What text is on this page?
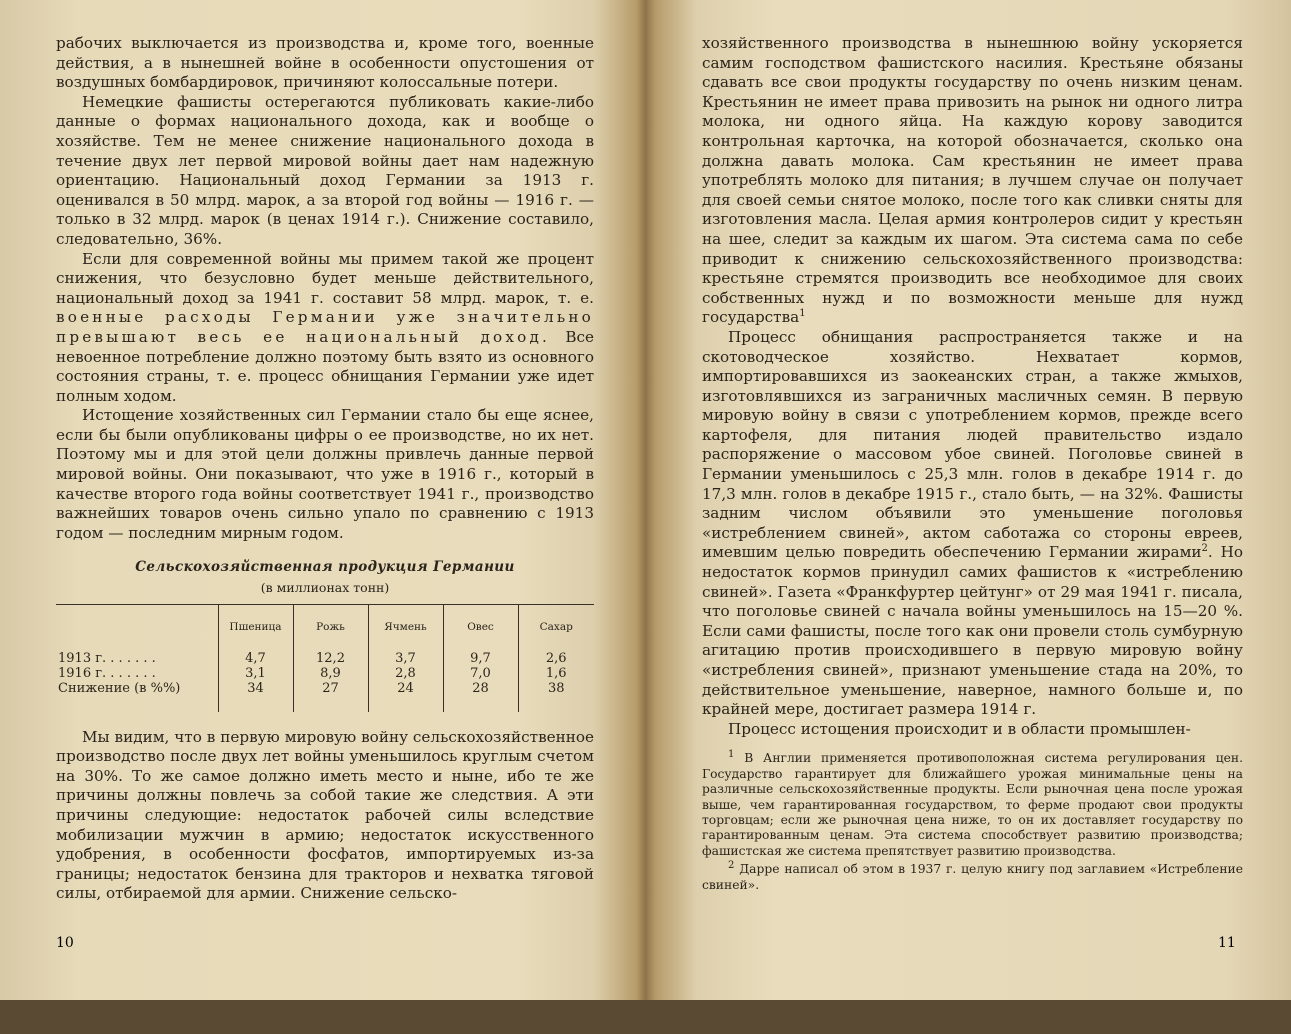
рабочих выключается из производства и, кроме того, военные действия, а в нынешней войне в особенности опустошения от воздушных бомбардировок, причиняют колоссальные потери.

Немецкие фашисты остерегаются публиковать какие-либо данные о формах национального дохода, как и вообще о хозяйстве. Тем не менее снижение национального дохода в течение двух лет первой мировой войны дает нам надежную ориентацию. Национальный доход Германии за 1913 г. оценивался в 50 млрд. марок, а за второй год войны — 1916 г. — только в 32 млрд. марок (в ценах 1914 г.). Снижение составило, следовательно, 36%.

Если для современной войны мы примем такой же процент снижения, что безусловно будет меньше действительного, национальный доход за 1941 г. составит 58 млрд. марок, т. е. военные расходы Германии уже значительно превышают весь ее национальный доход. Все невоенное потребление должно поэтому быть взято из основного состояния страны, т. е. процесс обнищания Германии уже идет полным ходом.

Истощение хозяйственных сил Германии стало бы еще яснее, если бы были опубликованы цифры о ее производстве, но их нет. Поэтому мы и для этой цели должны привлечь данные первой мировой войны. Они показывают, что уже в 1916 г., который в качестве второго года войны соответствует 1941 г., производство важнейших товаров очень сильно упало по сравнению с 1913 годом — последним мирным годом.

Сельскохозяйственная продукция Германии
(в миллионах тонн)
	Пшеница	Рожь	Ячмень	Овес	Сахар
1913 г. . . . . . .	4,7	12,2	3,7	9,7	2,6
1916 г. . . . . . .	3,1	8,9	2,8	7,0	1,6
Снижение (в %%)	34	27	24	28	38

Мы видим, что в первую мировую войну сельскохозяйственное производство после двух лет войны уменьшилось круглым счетом на 30%. То же самое должно иметь место и ныне, ибо те же причины должны повлечь за собой такие же следствия. А эти причины следующие: недостаток рабочей силы вследствие мобилизации мужчин в армию; недостаток искусственного удобрения, в особенности фосфатов, импортируемых из-за границы; недостаток бензина для тракторов и нехватка тяговой силы, отбираемой для армии. Снижение сельско-

10

хозяйственного производства в нынешнюю войну ускоряется самим господством фашистского насилия. Крестьяне обязаны сдавать все свои продукты государству по очень низким ценам. Крестьянин не имеет права привозить на рынок ни одного литра молока, ни одного яйца. На каждую корову заводится контрольная карточка, на которой обозначается, сколько она должна давать молока. Сам крестьянин не имеет права употреблять молоко для питания; в лучшем случае он получает для своей семьи снятое молоко, после того как сливки сняты для изготовления масла. Целая армия контролеров сидит у крестьян на шее, следит за каждым их шагом. Эта система сама по себе приводит к снижению сельскохозяйственного производства: крестьяне стремятся производить все необходимое для своих собственных нужд и по возможности меньше для нужд государства$^1$

Процесс обнищания распространяется также и на скотоводческое хозяйство. Нехватает кормов, импортировавшихся из заокеанских стран, а также жмыхов, изготовлявшихся из заграничных масличных семян. В первую мировую войну в связи с употреблением кормов, прежде всего картофеля, для питания людей правительство издало распоряжение о массовом убое свиней. Поголовье свиней в Германии уменьшилось с 25,3 млн. голов в декабре 1914 г. до 17,3 млн. голов в декабре 1915 г., стало быть, — на 32%. Фашисты задним числом объявили это уменьшение поголовья «истреблением свиней», актом саботажа со стороны евреев, имевшим целью повредить обеспечению Германии жирами$^2$. Но недостаток кормов принудил самих фашистов к «истреблению свиней». Газета «Франкфуртер цейтунг» от 29 мая 1941 г. писала, что поголовье свиней с начала войны уменьшилось на 15—20 %. Если сами фашисты, после того как они провели столь сумбурную агитацию против происходившего в первую мировую войну «истребления свиней», признают уменьшение стада на 20%, то действительное уменьшение, наверное, намного больше и, по крайней мере, достигает размера 1914 г.

Процесс истощения происходит и в области промышлен-

$^1$ В Англии применяется противоположная система регулирования цен. Государство гарантирует для ближайшего урожая минимальные цены на различные сельскохозяйственные продукты. Если рыночная цена после урожая выше, чем гарантированная государством, то ферме продают свои продукты торговцам; если же рыночная цена ниже, то он их доставляет государству по гарантированным ценам. Эта система способствует развитию производства; фашистская же система препятствует развитию производства.

$^2$ Дарре написал об этом в 1937 г. целую книгу под заглавием «Истребление свиней».

11
